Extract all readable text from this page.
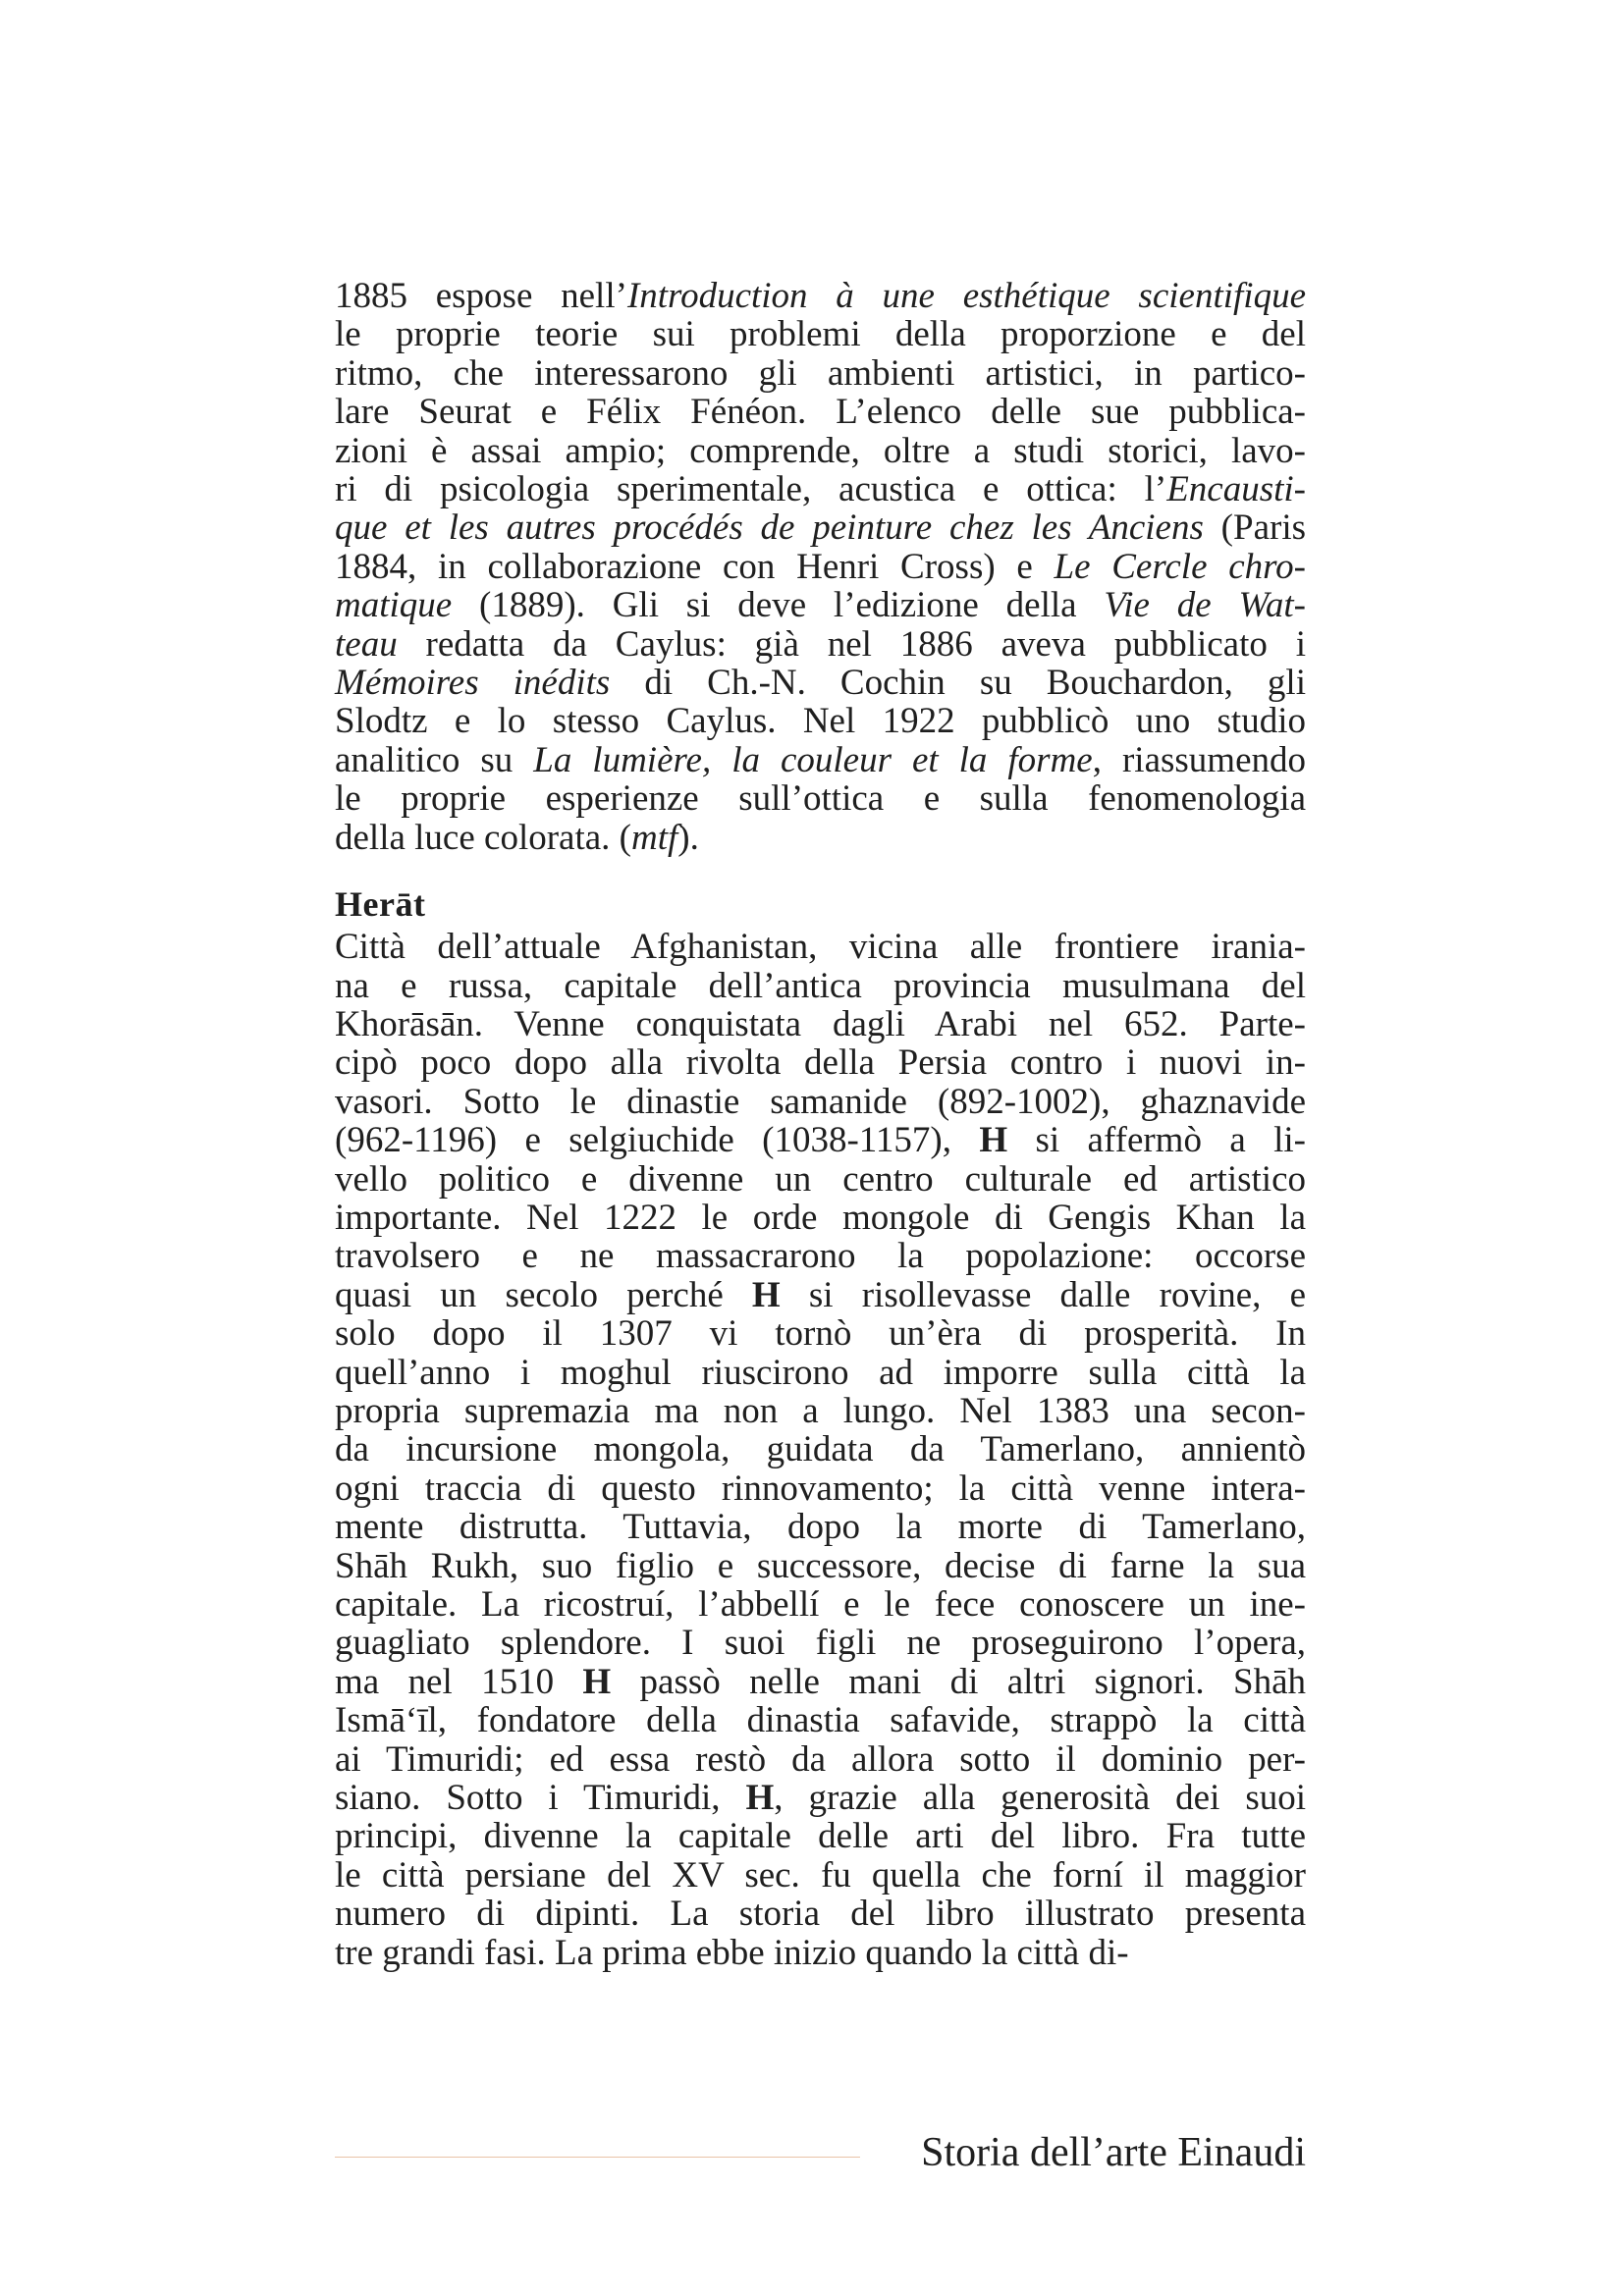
1885 espose nell’Introduction à une esthétique scientifique
le proprie teorie sui problemi della proporzione e del
ritmo, che interessarono gli ambienti artistici, in partico-
lare Seurat e Félix Fénéon. L’elenco delle sue pubblica-
zioni è assai ampio; comprende, oltre a studi storici, lavo-
ri di psicologia sperimentale, acustica e ottica: l’Encausti-
que et les autres procédés de peinture chez les Anciens (Paris
1884, in collaborazione con Henri Cross) e Le Cercle chro-
matique (1889). Gli si deve l’edizione della Vie de Wat-
teau redatta da Caylus: già nel 1886 aveva pubblicato i
Mémoires inédits di Ch.-N. Cochin su Bouchardon, gli
Slodtz e lo stesso Caylus. Nel 1922 pubblicò uno studio
analitico su La lumière, la couleur et la forme, riassumendo
le proprie esperienze sull’ottica e sulla fenomenologia
della luce colorata. (mtf).
Herāt
Città dell’attuale Afghanistan, vicina alle frontiere irania-
na e russa, capitale dell’antica provincia musulmana del
Khorāsān. Venne conquistata dagli Arabi nel 652. Parte-
cipò poco dopo alla rivolta della Persia contro i nuovi in-
vasori. Sotto le dinastie samanide (892-1002), ghaznavide
(962-1196) e selgiuchide (1038-1157), H si affermò a li-
vello politico e divenne un centro culturale ed artistico
importante. Nel 1222 le orde mongole di Gengis Khan la
travolsero e ne massacrarono la popolazione: occorse
quasi un secolo perché H si risollevasse dalle rovine, e
solo dopo il 1307 vi tornò un’èra di prosperità. In
quell’anno i moghul riuscirono ad imporre sulla città la
propria supremazia ma non a lungo. Nel 1383 una secon-
da incursione mongola, guidata da Tamerlano, annientò
ogni traccia di questo rinnovamento; la città venne intera-
mente distrutta. Tuttavia, dopo la morte di Tamerlano,
Shāh Rukh, suo figlio e successore, decise di farne la sua
capitale. La ricostruí, l’abbellí e le fece conoscere un ine-
guagliato splendore. I suoi figli ne proseguirono l’opera,
ma nel 1510 H passò nelle mani di altri signori. Shāh
Ismā‘īl, fondatore della dinastia safavide, strappò la città
ai Timuridi; ed essa restò da allora sotto il dominio per-
siano. Sotto i Timuridi, H, grazie alla generosità dei suoi
principi, divenne la capitale delle arti del libro. Fra tutte
le città persiane del XV sec. fu quella che forní il maggior
numero di dipinti. La storia del libro illustrato presenta
tre grandi fasi. La prima ebbe inizio quando la città di-
Storia dell’arte Einaudi
